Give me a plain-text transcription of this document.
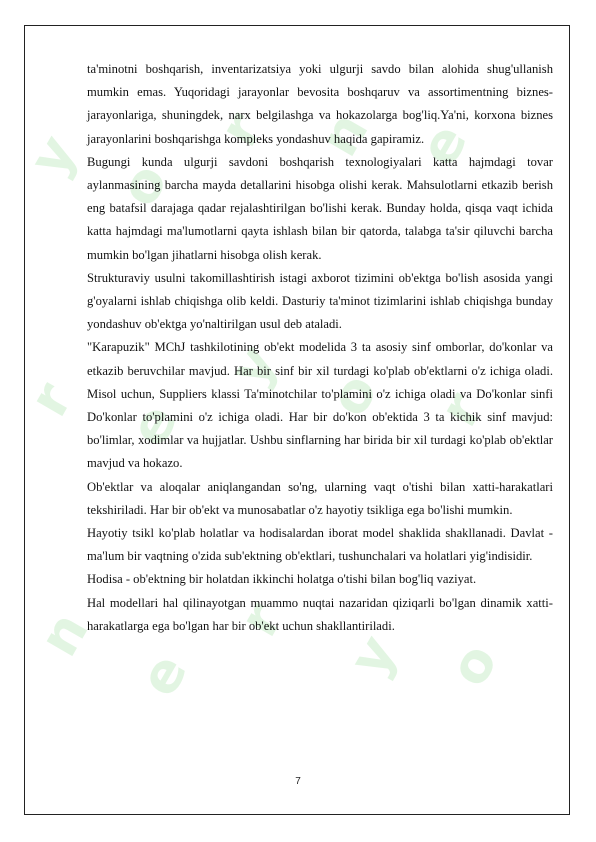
y o
r n e
r e
y o r
n
e
r
y o

ta'minotni boshqarish, inventarizatsiya yoki ulgurji savdo bilan alohida shug'ullanish mumkin emas. Yuqoridagi jarayonlar bevosita boshqaruv va assortimentning biznes-jarayonlariga, shuningdek, narx belgilashga va hokazolarga bog'liq.Ya'ni, korxona biznes jarayonlarini boshqarishga kompleks yondashuv haqida gapiramiz.

Bugungi kunda ulgurji savdoni boshqarish texnologiyalari katta hajmdagi tovar aylanmasining barcha mayda detallarini hisobga olishi kerak. Mahsulotlarni etkazib berish eng batafsil darajaga qadar rejalashtirilgan bo'lishi kerak. Bunday holda, qisqa vaqt ichida katta hajmdagi ma'lumotlarni qayta ishlash bilan bir qatorda, talabga ta'sir qiluvchi barcha mumkin bo'lgan jihatlarni hisobga olish kerak.

Strukturaviy usulni takomillashtirish istagi axborot tizimini ob'ektga bo'lish asosida yangi g'oyalarni ishlab chiqishga olib keldi. Dasturiy ta'minot tizimlarini ishlab chiqishga bunday yondashuv ob'ektga yo'naltirilgan usul deb ataladi.

"Karapuzik" MChJ tashkilotining ob'ekt modelida 3 ta asosiy sinf omborlar, do'konlar va etkazib beruvchilar mavjud. Har bir sinf bir xil turdagi ko'plab ob'ektlarni o'z ichiga oladi. Misol uchun, Suppliers klassi Ta'minotchilar to'plamini o'z ichiga oladi va Do'konlar sinfi Do'konlar to'plamini o'z ichiga oladi. Har bir do'kon ob'ektida 3 ta kichik sinf mavjud: bo'limlar, xodimlar va hujjatlar. Ushbu sinflarning har birida bir xil turdagi ko'plab ob'ektlar mavjud va hokazo.

Ob'ektlar va aloqalar aniqlangandan so'ng, ularning vaqt o'tishi bilan xatti-harakatlari tekshiriladi. Har bir ob'ekt va munosabatlar o'z hayotiy tsikliga ega bo'lishi mumkin.

Hayotiy tsikl ko'plab holatlar va hodisalardan iborat model shaklida shakllanadi. Davlat - ma'lum bir vaqtning o'zida sub'ektning ob'ektlari, tushunchalari va holatlari yig'indisidir.

Hodisa - ob'ektning bir holatdan ikkinchi holatga o'tishi bilan bog'liq vaziyat.

Hal modellari hal qilinayotgan muammo nuqtai nazaridan qiziqarli bo'lgan dinamik xatti-harakatlarga ega bo'lgan har bir ob'ekt uchun shakllantiriladi.

7
